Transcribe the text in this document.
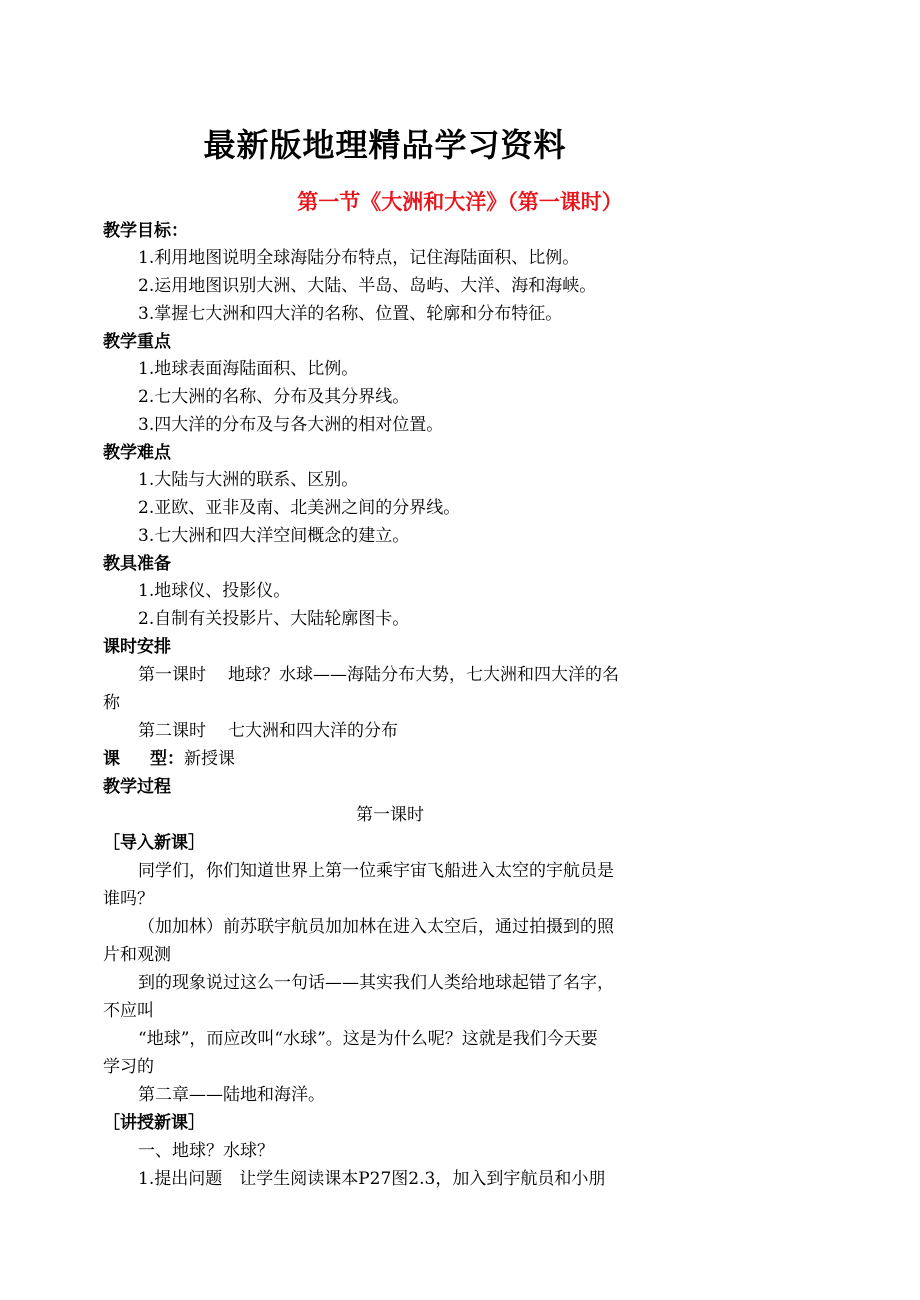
最新版地理精品学习资料
第一节《大洲和大洋》（第一课时）
教学目标：
1.利用地图说明全球海陆分布特点，记住海陆面积、比例。
2.运用地图识别大洲、大陆、半岛、岛屿、大洋、海和海峡。
3.掌握七大洲和四大洋的名称、位置、轮廓和分布特征。
教学重点
1.地球表面海陆面积、比例。
2.七大洲的名称、分布及其分界线。
3.四大洋的分布及与各大洲的相对位置。
教学难点
1.大陆与大洲的联系、区别。
2.亚欧、亚非及南、北美洲之间的分界线。
3.七大洲和四大洋空间概念的建立。
教具准备
1.地球仪、投影仪。
2.自制有关投影片、大陆轮廓图卡。
课时安排
第一课时 地球？水球——海陆分布大势，七大洲和四大洋的名
称
第二课时 七大洲和四大洋的分布
课 型：新授课
教学过程
第一课时
［导入新课］
同学们，你们知道世界上第一位乘宇宙飞船进入太空的宇航员是
谁吗？
（加加林）前苏联宇航员加加林在进入太空后，通过拍摄到的照
片和观测
到的现象说过这么一句话——其实我们人类给地球起错了名字，
不应叫
“地球”，而应改叫“水球”。这是为什么呢？这就是我们今天要
学习的
第二章——陆地和海洋。
［讲授新课］
一、地球？水球？
1.提出问题　让学生阅读课本P27图2.3，加入到宇航员和小朋
